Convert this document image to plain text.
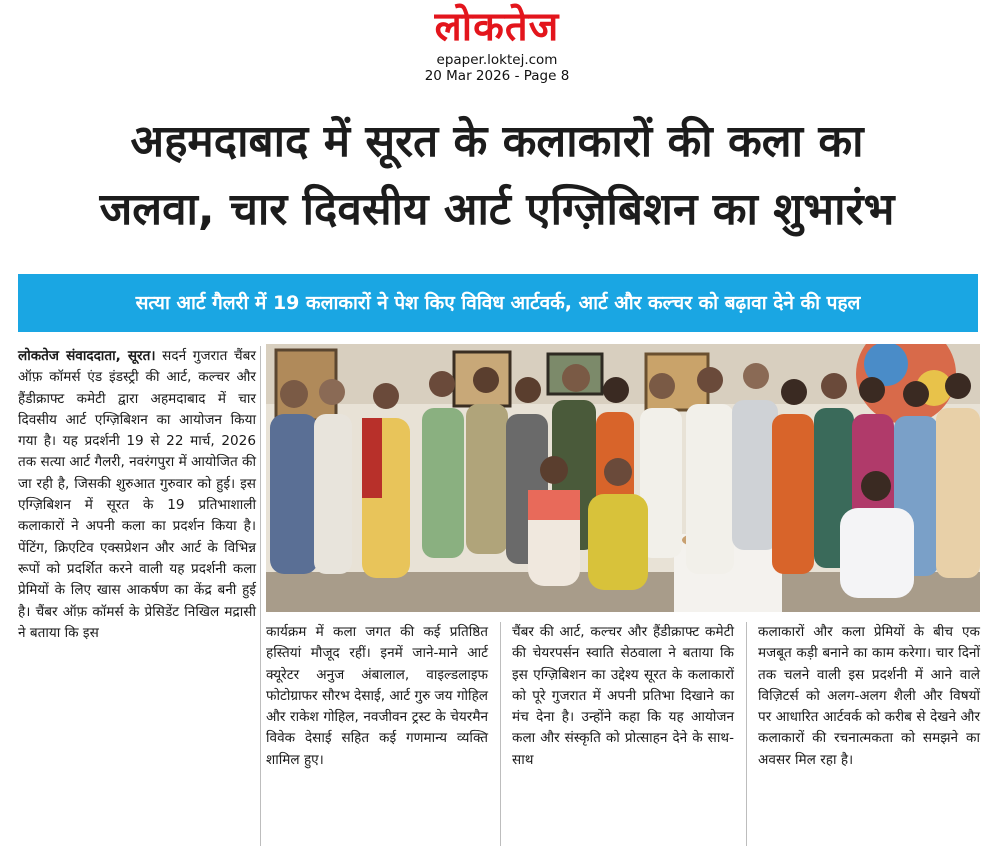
लोकतेज
epaper.loktej.com
20 Mar 2026 - Page 8
अहमदाबाद में सूरत के कलाकारों की कला का
जलवा, चार दिवसीय आर्ट एग्ज़िबिशन का शुभारंभ
सत्या आर्ट गैलरी में 19 कलाकारों ने पेश किए विविध आर्टवर्क, आर्ट और कल्चर को बढ़ावा देने की पहल
लोकतेज संवाददाता, सूरत। सदर्न गुजरात चैंबर ऑफ़ कॉमर्स एंड इंडस्ट्री की आर्ट, कल्चर और हैंडीक्राफ्ट कमेटी द्वारा अहमदाबाद में चार दिवसीय आर्ट एग्ज़िबिशन का आयोजन किया गया है। यह प्रदर्शनी 19 से 22 मार्च, 2026 तक सत्या आर्ट गैलरी, नवरंगपुरा में आयोजित की जा रही है, जिसकी शुरुआत गुरुवार को हुई। इस एग्ज़िबिशन में सूरत के 19 प्रतिभाशाली कलाकारों ने अपनी कला का प्रदर्शन किया है। पेंटिंग, क्रिएटिव एक्सप्रेशन और आर्ट के विभिन्न रूपों को प्रदर्शित करने वाली यह प्रदर्शनी कला प्रेमियों के लिए खास आकर्षण का केंद्र बनी हुई है। चैंबर ऑफ़ कॉमर्स के प्रेसिडेंट निखिल मद्रासी ने बताया कि इस	कार्यक्रम में कला जगत की कई प्रतिष्ठित हस्तियां मौजूद रहीं। इनमें जाने-माने आर्ट क्यूरेटर अनुज अंबालाल, वाइल्डलाइफ फोटोग्राफर सौरभ देसाई, आर्ट गुरु जय गोहिल और राकेश गोहिल, नवजीवन ट्रस्ट के चेयरमैन विवेक देसाई सहित कई गणमान्य व्यक्ति शामिल हुए।
चैंबर की आर्ट, कल्चर और हैंडीक्राफ्ट कमेटी की चेयरपर्सन स्वाति सेठवाला ने बताया कि इस एग्ज़िबिशन का उद्देश्य सूरत के कलाकारों को पूरे गुजरात में अपनी प्रतिभा दिखाने का मंच देना है। उन्होंने कहा कि यह आयोजन कला और संस्कृति को प्रोत्साहन देने के साथ-साथ
कलाकारों और कला प्रेमियों के बीच एक मजबूत कड़ी बनाने का काम करेगा। चार दिनों तक चलने वाली इस प्रदर्शनी में आने वाले विज़िटर्स को अलग-अलग शैली और विषयों पर आधारित आर्टवर्क को करीब से देखने और कलाकारों की रचनात्मकता को समझने का अवसर मिल रहा है।
